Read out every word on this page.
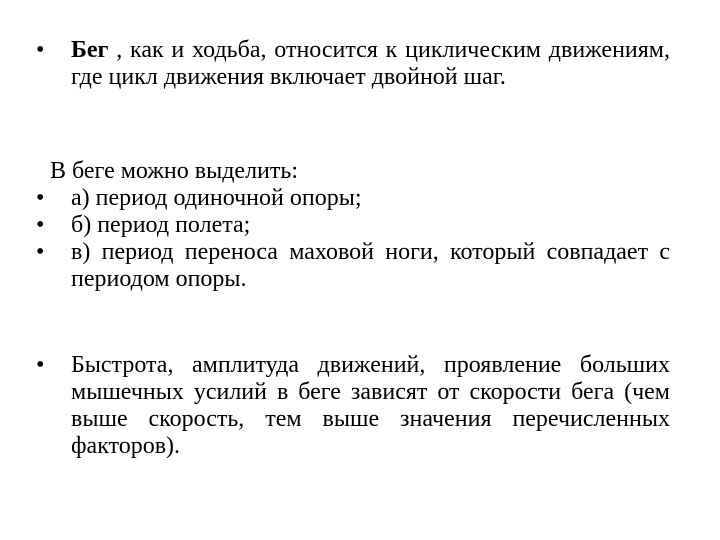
• Бег , как и ходьба, относится к циклическим движениям, где цикл движения включает двойной шаг.
В беге можно выделить:
• а) период одиночной опоры;
• б) период полета;
• в) период переноса маховой ноги, который совпадает с периодом опоры.
• Быстрота, амплитуда движений, проявление больших мышечных усилий в беге зависят от скорости бега (чем выше скорость, тем выше значения перечисленных факторов).
